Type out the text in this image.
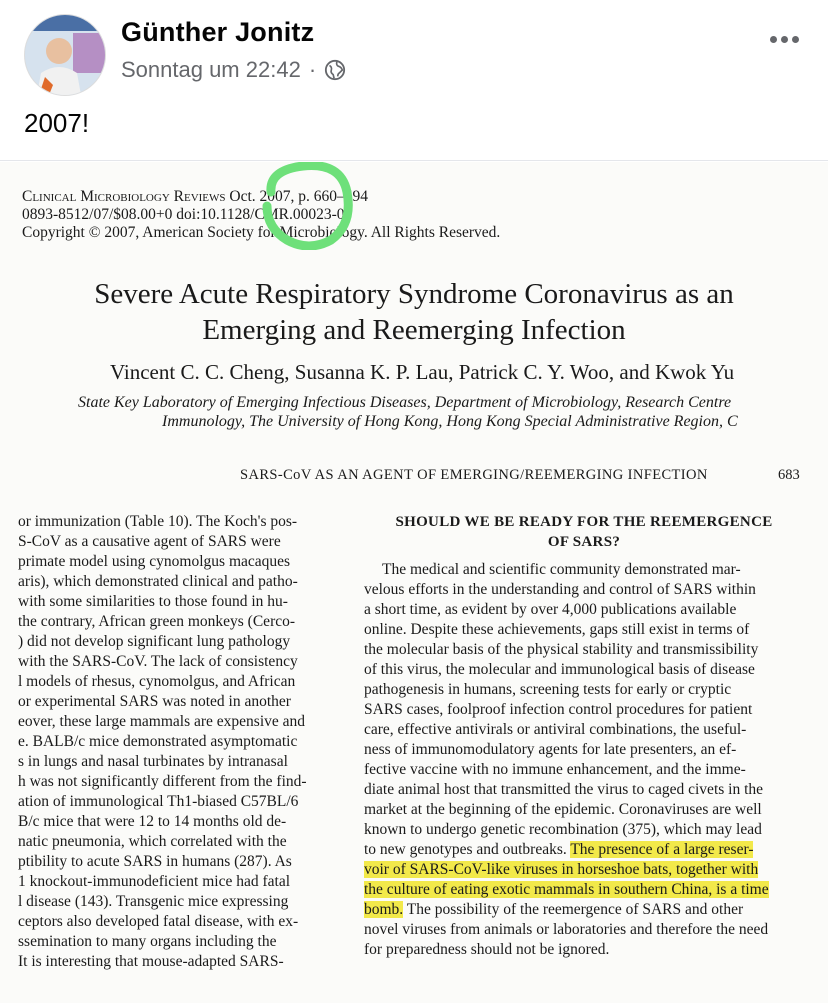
Günther Jonitz
Sonntag um 22:42 ·
2007!
Clinical Microbiology Reviews Oct. 2007, p. 660–694
0893-8512/07/$08.00+0 doi:10.1128/CMR.00023-07
Copyright © 2007, American Society for Microbiology. All Rights Reserved.
Severe Acute Respiratory Syndrome Coronavirus as an
Emerging and Reemerging Infection
Vincent C. C. Cheng, Susanna K. P. Lau, Patrick C. Y. Woo, and Kwok Yu
State Key Laboratory of Emerging Infectious Diseases, Department of Microbiology, Research Centre
Immunology, The University of Hong Kong, Hong Kong Special Administrative Region, C
SARS-CoV AS AN AGENT OF EMERGING/REEMERGING INFECTION	683
or immunization (Table 10). The Koch's pos-
S-CoV as a causative agent of SARS were
primate model using cynomolgus macaques
aris), which demonstrated clinical and patho-
with some similarities to those found in hu-
the contrary, African green monkeys (Cerco-
) did not develop significant lung pathology
with the SARS-CoV. The lack of consistency
l models of rhesus, cynomolgus, and African
or experimental SARS was noted in another
eover, these large mammals are expensive and
e. BALB/c mice demonstrated asymptomatic
s in lungs and nasal turbinates by intranasal
h was not significantly different from the find-
ation of immunological Th1-biased C57BL/6
B/c mice that were 12 to 14 months old de-
natic pneumonia, which correlated with the
ptibility to acute SARS in humans (287). As
1 knockout-immunodeficient mice had fatal
l disease (143). Transgenic mice expressing
ceptors also developed fatal disease, with ex-
ssemination to many organs including the
It is interesting that mouse-adapted SARS-
SHOULD WE BE READY FOR THE REEMERGENCE
OF SARS?
The medical and scientific community demonstrated mar-
velous efforts in the understanding and control of SARS within
a short time, as evident by over 4,000 publications available
online. Despite these achievements, gaps still exist in terms of
the molecular basis of the physical stability and transmissibility
of this virus, the molecular and immunological basis of disease
pathogenesis in humans, screening tests for early or cryptic
SARS cases, foolproof infection control procedures for patient
care, effective antivirals or antiviral combinations, the useful-
ness of immunomodulatory agents for late presenters, an ef-
fective vaccine with no immune enhancement, and the imme-
diate animal host that transmitted the virus to caged civets in the
market at the beginning of the epidemic. Coronaviruses are well
known to undergo genetic recombination (375), which may lead
to new genotypes and outbreaks. The presence of a large reser-
voir of SARS-CoV-like viruses in horseshoe bats, together with
the culture of eating exotic mammals in southern China, is a time
bomb. The possibility of the reemergence of SARS and other
novel viruses from animals or laboratories and therefore the need
for preparedness should not be ignored.
